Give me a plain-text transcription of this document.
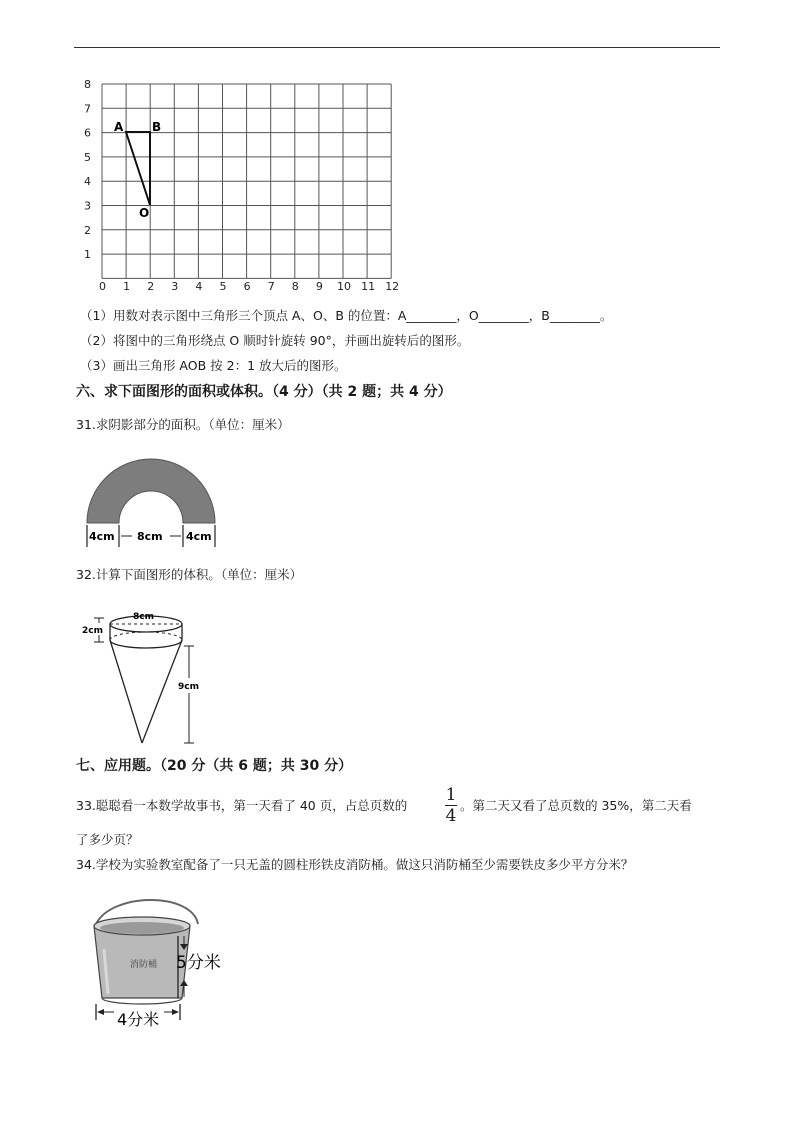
8
7
6
5
4
3
2
1
0 1 2 3 4 5 6 7 8 9 10 11 12
A B
O
（1）用数对表示图中三角形三个顶点 A、O、B 的位置：A________，O________，B________。
（2）将图中的三角形绕点 O 顺时针旋转 90°，并画出旋转后的图形。
（3）画出三角形 AOB 按 2：1 放大后的图形。
六、求下面图形的面积或体积。（4 分）（共 2 题；共 4 分）
31.求阴影部分的面积。（单位：厘米）
4cm 8cm 4cm
32.计算下面图形的体积。（单位：厘米）
8cm
2cm
9cm
七、应用题。（20 分（共 6 题；共 30 分）
33.聪聪看一本数学故事书，第一天看了 40 页，占总页数的
1
4
。第二天又看了总页数的 35%，第二天看
了多少页？
34.学校为实验教室配备了一只无盖的圆柱形铁皮消防桶。做这只消防桶至少需要铁皮多少平方分米？
消防桶 5分米
4分米
